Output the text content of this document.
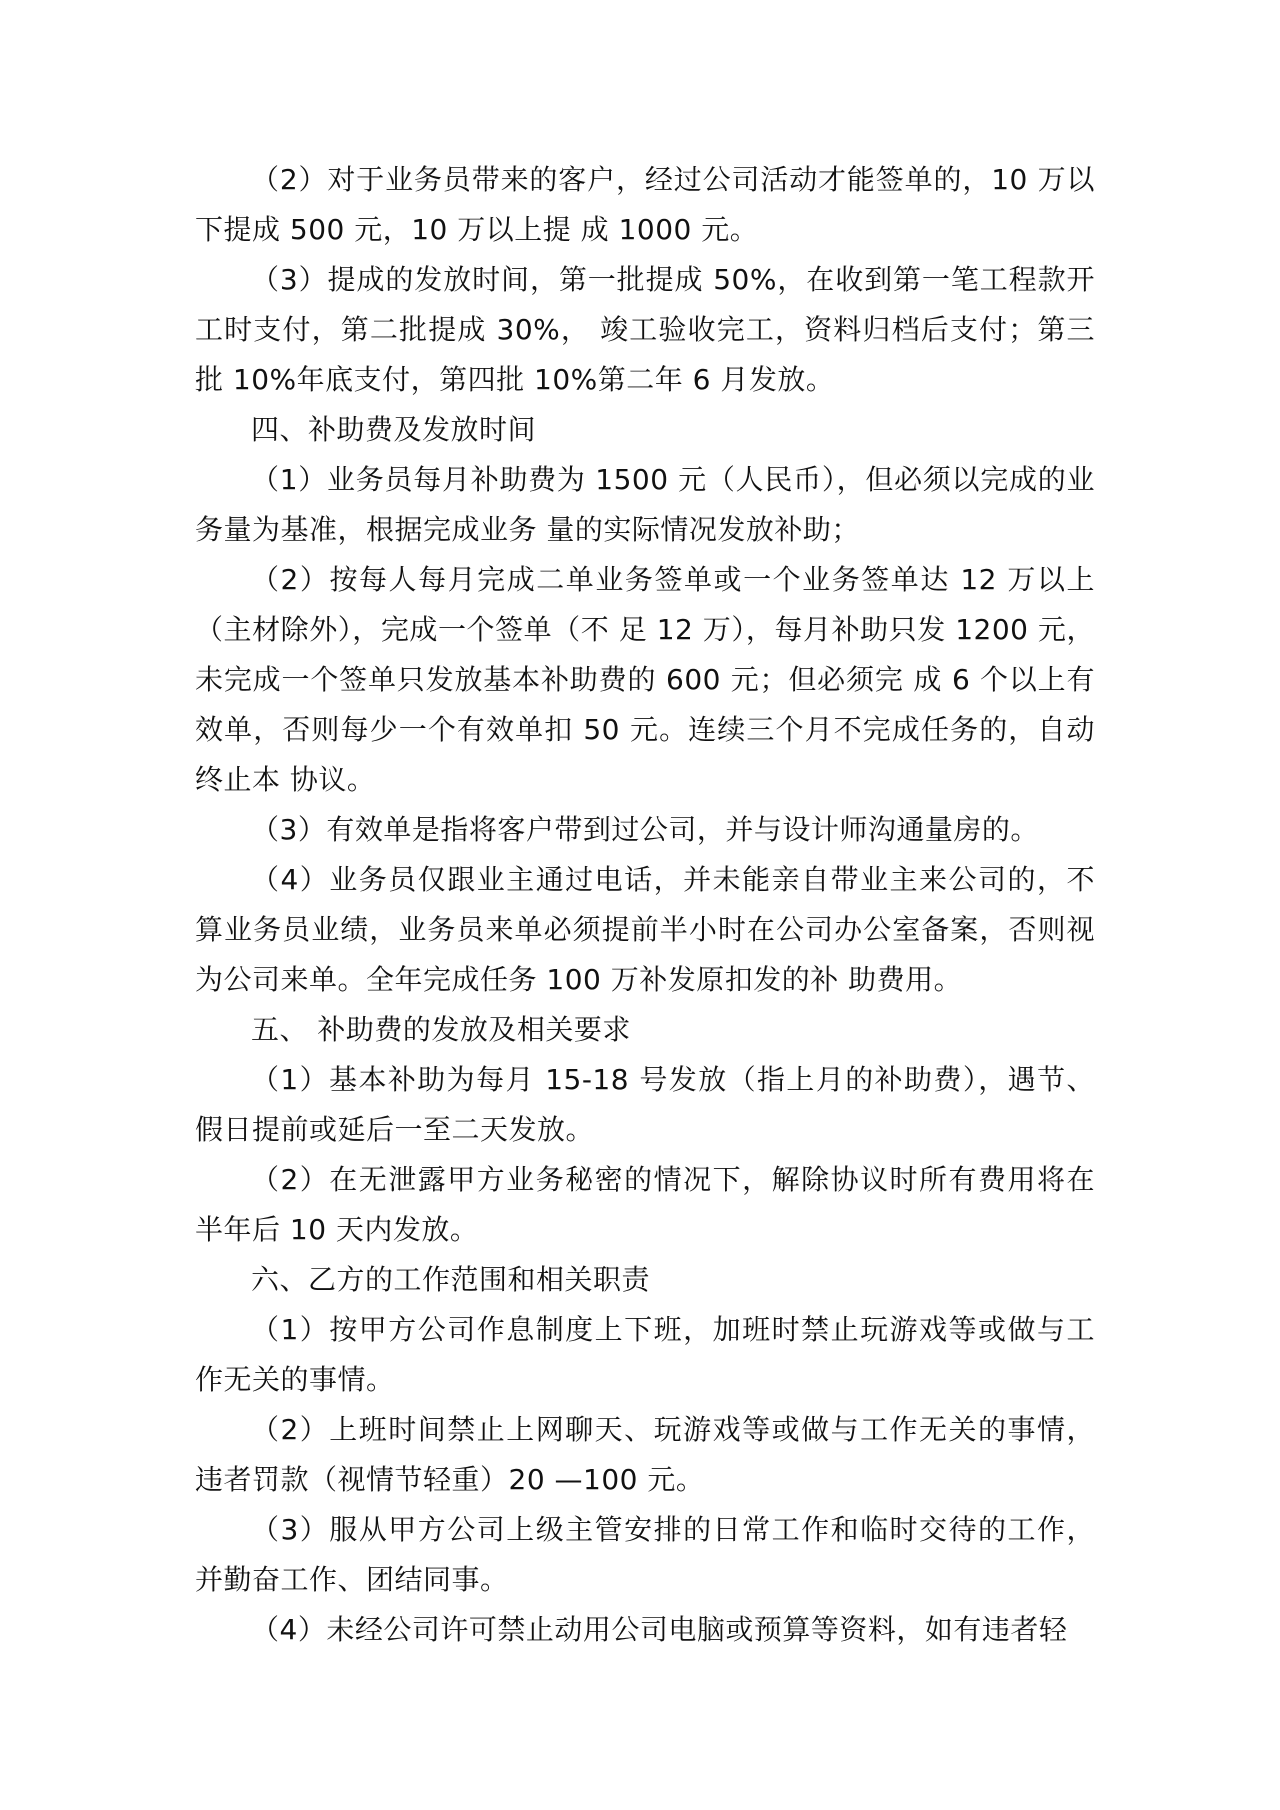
（2）对于业务员带来的客户，经过公司活动才能签单的，10 万以下提成 500 元，10 万以上提 成 1000 元。

（3）提成的发放时间，第一批提成 50%，在收到第一笔工程款开工时支付，第二批提成 30%， 竣工验收完工，资料归档后支付；第三批 10%年底支付，第四批 10%第二年 6 月发放。

四、补助费及发放时间

（1）业务员每月补助费为 1500 元（人民币），但必须以完成的业务量为基准，根据完成业务 量的实际情况发放补助；

（2）按每人每月完成二单业务签单或一个业务签单达 12 万以上（主材除外），完成一个签单（不 足 12 万），每月补助只发 1200 元，未完成一个签单只发放基本补助费的 600 元；但必须完 成 6 个以上有效单，否则每少一个有效单扣 50 元。连续三个月不完成任务的，自动终止本 协议。

（3）有效单是指将客户带到过公司，并与设计师沟通量房的。

（4）业务员仅跟业主通过电话，并未能亲自带业主来公司的，不算业务员业绩，业务员来单必须提前半小时在公司办公室备案，否则视为公司来单。全年完成任务 100 万补发原扣发的补 助费用。

五、 补助费的发放及相关要求

（1）基本补助为每月 15-18 号发放（指上月的补助费），遇节、假日提前或延后一至二天发放。

（2）在无泄露甲方业务秘密的情况下，解除协议时所有费用将在半年后 10 天内发放。

六、乙方的工作范围和相关职责

（1）按甲方公司作息制度上下班，加班时禁止玩游戏等或做与工作无关的事情。

（2）上班时间禁止上网聊天、玩游戏等或做与工作无关的事情，违者罚款（视情节轻重）20 —100 元。

（3）服从甲方公司上级主管安排的日常工作和临时交待的工作，并勤奋工作、团结同事。

（4）未经公司许可禁止动用公司电脑或预算等资料，如有违者轻
